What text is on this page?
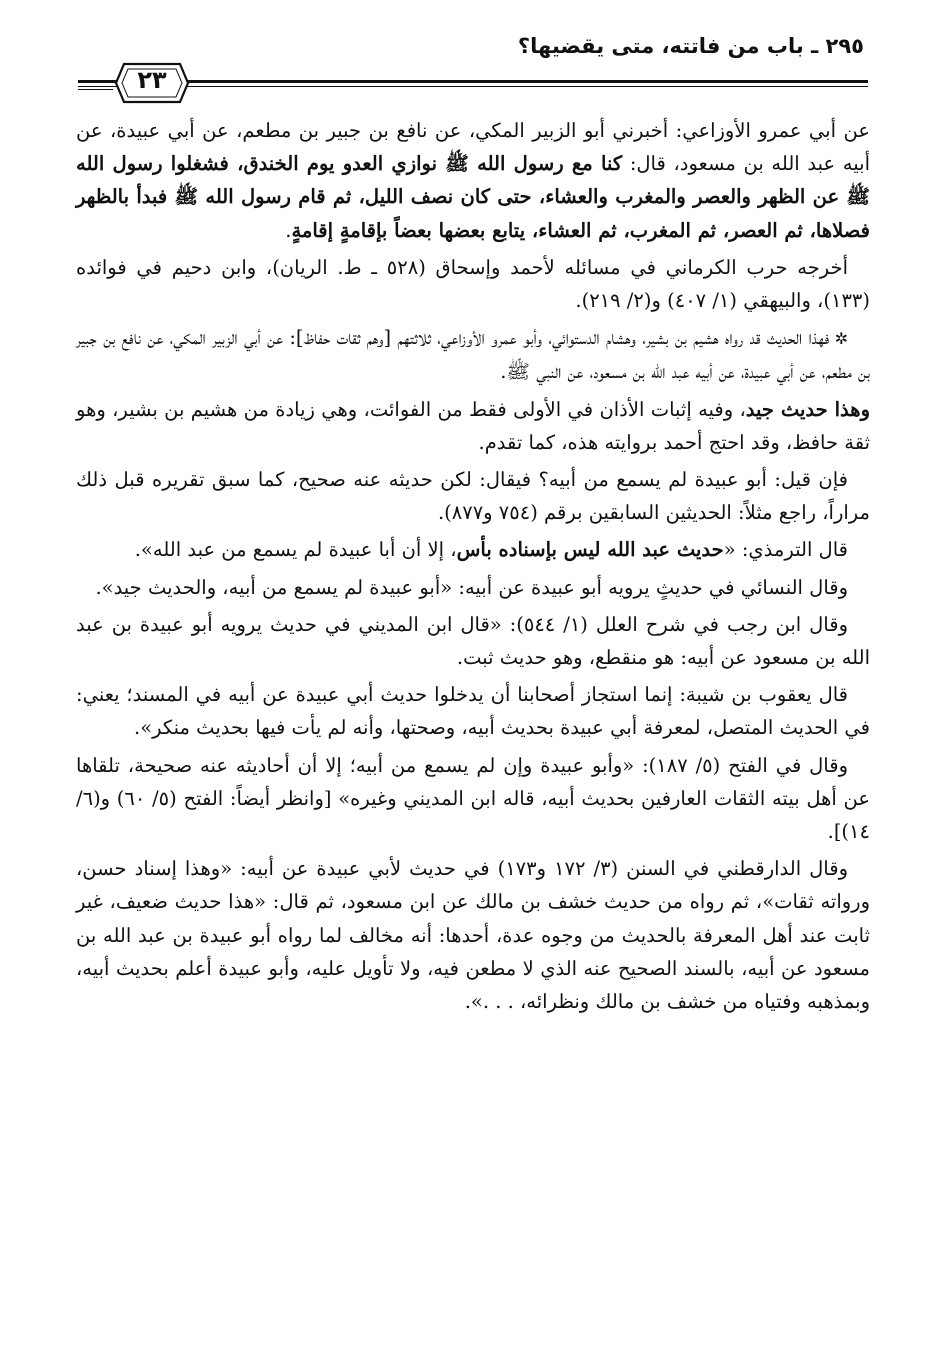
٢٩٥ ـ باب من فاتته، متى يقضيها؟
٢٣

عن أبي عمرو الأوزاعي: أخبرني أبو الزبير المكي، عن نافع بن جبير بن مطعم، عن أبي عبيدة، عن أبيه عبد الله بن مسعود، قال: كنا مع رسول الله ﷺ نوازي العدو يوم الخندق، فشغلوا رسول الله ﷺ عن الظهر والعصر والمغرب والعشاء، حتى كان نصف الليل، ثم قام رسول الله ﷺ فبدأ بالظهر فصلاها، ثم العصر، ثم المغرب، ثم العشاء، يتابع بعضها بعضاً بإقامةٍ إقامةٍ.

أخرجه حرب الكرماني في مسائله لأحمد وإسحاق (٥٢٨ ـ ط. الريان)، وابن دحيم في فوائده (١٣٣)، والبيهقي (١/ ٤٠٧) و(٢/ ٢١٩).

✲ فهذا الحديث قد رواه هشيم بن بشير، وهشام الدستوائي، وأبو عمرو الأوزاعي، ثلاثتهم [وهم ثقات حفاظ]: عن أبي الزبير المكي، عن نافع بن جبير بن مطعم، عن أبي عبيدة، عن أبيه عبد الله بن مسعود، عن النبي ﷺ.

وهذا حديث جيد، وفيه إثبات الأذان في الأولى فقط من الفوائت، وهي زيادة من هشيم بن بشير، وهو ثقة حافظ، وقد احتج أحمد بروايته هذه، كما تقدم.

فإن قيل: أبو عبيدة لم يسمع من أبيه؟ فيقال: لكن حديثه عنه صحيح، كما سبق تقريره قبل ذلك مراراً، راجع مثلاً: الحديثين السابقين برقم (٧٥٤ و٨٧٧).

قال الترمذي: «حديث عبد الله ليس بإسناده بأس، إلا أن أبا عبيدة لم يسمع من عبد الله».

وقال النسائي في حديثٍ يرويه أبو عبيدة عن أبيه: «أبو عبيدة لم يسمع من أبيه، والحديث جيد».

وقال ابن رجب في شرح العلل (١/ ٥٤٤): «قال ابن المديني في حديث يرويه أبو عبيدة بن عبد الله بن مسعود عن أبيه: هو منقطع، وهو حديث ثبت.

قال يعقوب بن شيبة: إنما استجاز أصحابنا أن يدخلوا حديث أبي عبيدة عن أبيه في المسند؛ يعني: في الحديث المتصل، لمعرفة أبي عبيدة بحديث أبيه، وصحتها، وأنه لم يأت فيها بحديث منكر».

وقال في الفتح (٥/ ١٨٧): «وأبو عبيدة وإن لم يسمع من أبيه؛ إلا أن أحاديثه عنه صحيحة، تلقاها عن أهل بيته الثقات العارفين بحديث أبيه، قاله ابن المديني وغيره» [وانظر أيضاً: الفتح (٥/ ٦٠) و(٦/ ١٤)].

وقال الدارقطني في السنن (٣/ ١٧٢ و١٧٣) في حديث لأبي عبيدة عن أبيه: «وهذا إسناد حسن، ورواته ثقات»، ثم رواه من حديث خشف بن مالك عن ابن مسعود، ثم قال: «هذا حديث ضعيف، غير ثابت عند أهل المعرفة بالحديث من وجوه عدة، أحدها: أنه مخالف لما رواه أبو عبيدة بن عبد الله بن مسعود عن أبيه، بالسند الصحيح عنه الذي لا مطعن فيه، ولا تأويل عليه، وأبو عبيدة أعلم بحديث أبيه، وبمذهبه وفتياه من خشف بن مالك ونظرائه، . . .».
